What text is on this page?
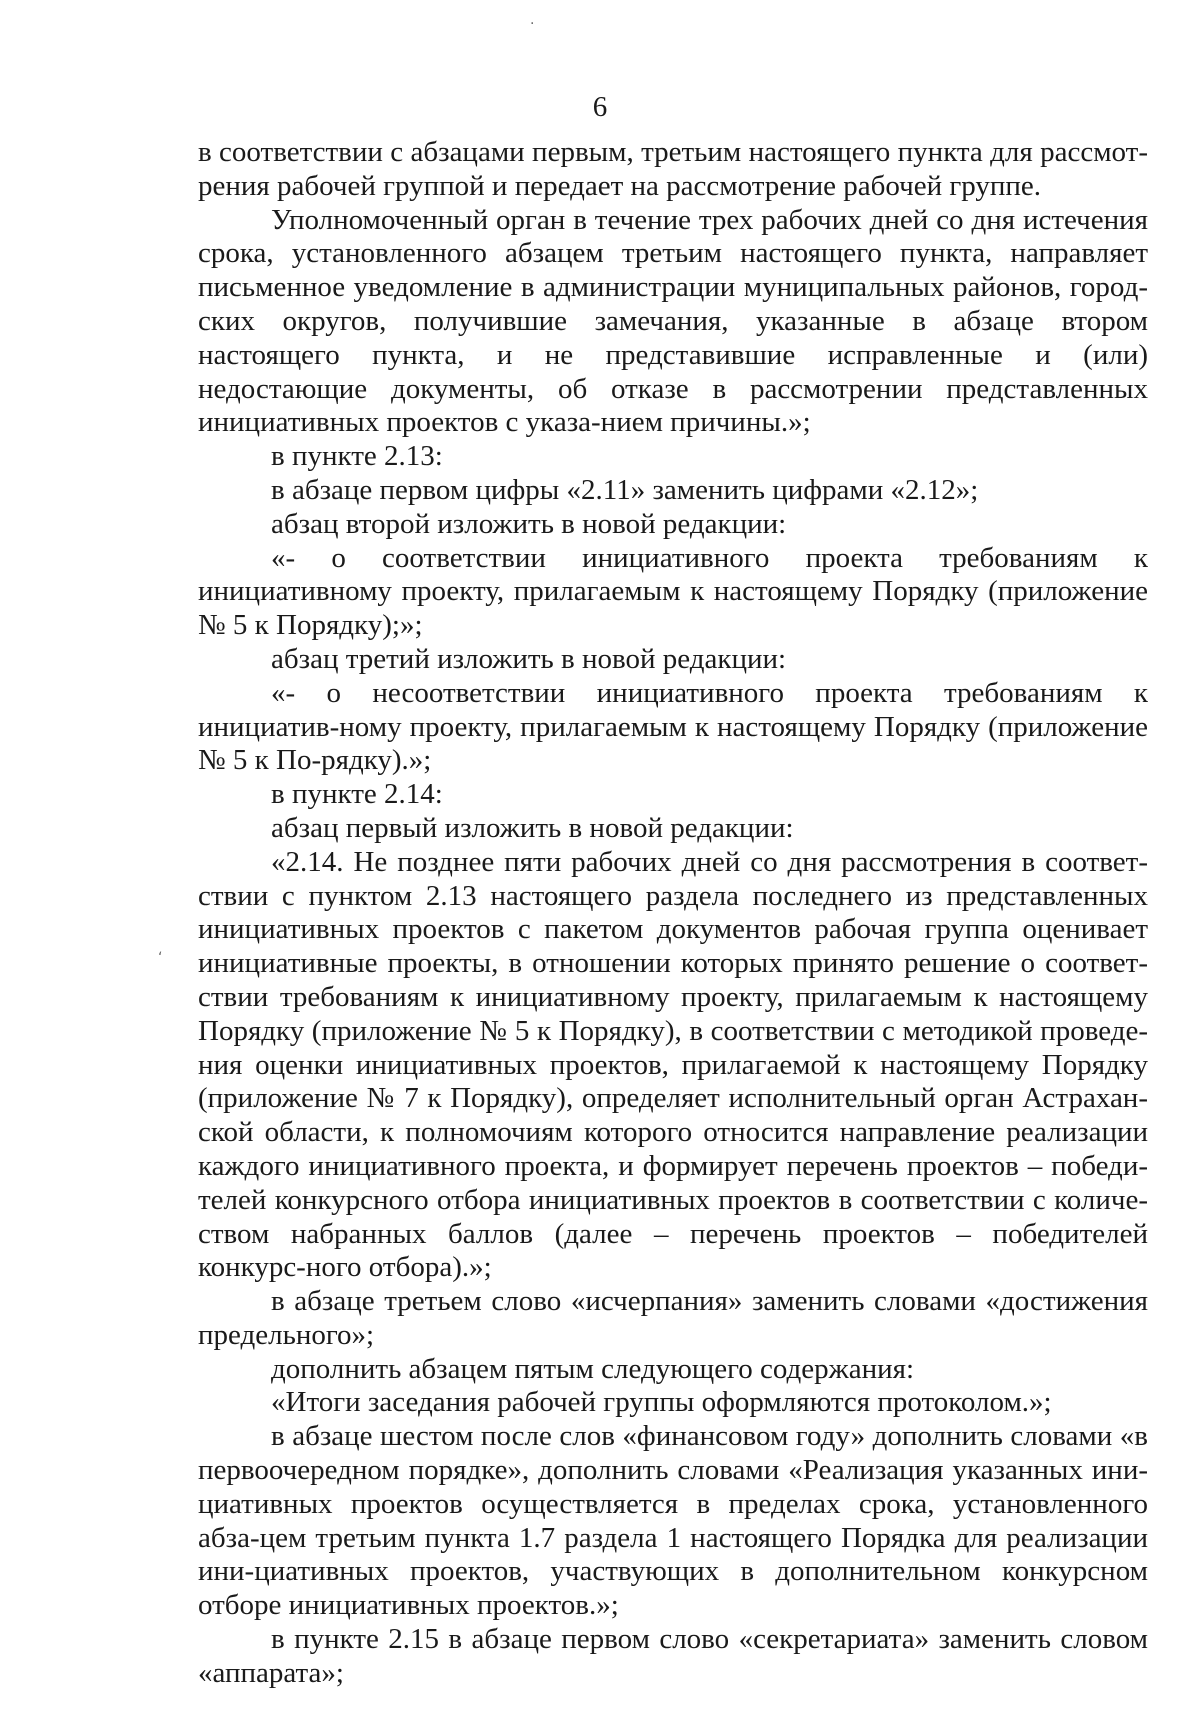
6

в соответствии с абзацами первым, третьим настоящего пункта для рассмот-рения рабочей группой и передает на рассмотрение рабочей группе.

Уполномоченный орган в течение трех рабочих дней со дня истечения срока, установленного абзацем третьим настоящего пункта, направляет письменное уведомление в администрации муниципальных районов, город-ских округов, получившие замечания, указанные в абзаце втором настоящего пункта, и не представившие исправленные и (или) недостающие документы, об отказе в рассмотрении представленных инициативных проектов с указа-нием причины.»;

в пункте 2.13:

в абзаце первом цифры «2.11» заменить цифрами «2.12»;

абзац второй изложить в новой редакции:

«- о соответствии инициативного проекта требованиям к инициативному проекту, прилагаемым к настоящему Порядку (приложение № 5 к Порядку);»;

абзац третий изложить в новой редакции:

«- о несоответствии инициативного проекта требованиям к инициатив-ному проекту, прилагаемым к настоящему Порядку (приложение № 5 к По-рядку).»;

в пункте 2.14:

абзац первый изложить в новой редакции:

«2.14. Не позднее пяти рабочих дней со дня рассмотрения в соответ-ствии с пунктом 2.13 настоящего раздела последнего из представленных инициативных проектов с пакетом документов рабочая группа оценивает инициативные проекты, в отношении которых принято решение о соответ-ствии требованиям к инициативному проекту, прилагаемым к настоящему Порядку (приложение № 5 к Порядку), в соответствии с методикой проведе-ния оценки инициативных проектов, прилагаемой к настоящему Порядку (приложение № 7 к Порядку), определяет исполнительный орган Астрахан-ской области, к полномочиям которого относится направление реализации каждого инициативного проекта, и формирует перечень проектов – победи-телей конкурсного отбора инициативных проектов в соответствии с количе-ством набранных баллов (далее – перечень проектов – победителей конкурс-ного отбора).»;

в абзаце третьем слово «исчерпания» заменить словами «достижения предельного»;

дополнить абзацем пятым следующего содержания:

«Итоги заседания рабочей группы оформляются протоколом.»;

в абзаце шестом после слов «финансовом году» дополнить словами «в первоочередном порядке», дополнить словами «Реализация указанных ини-циативных проектов осуществляется в пределах срока, установленного абза-цем третьим пункта 1.7 раздела 1 настоящего Порядка для реализации ини-циативных проектов, участвующих в дополнительном конкурсном отборе инициативных проектов.»;

в пункте 2.15 в абзаце первом слово «секретариата» заменить словом «аппарата»;

·
‘
